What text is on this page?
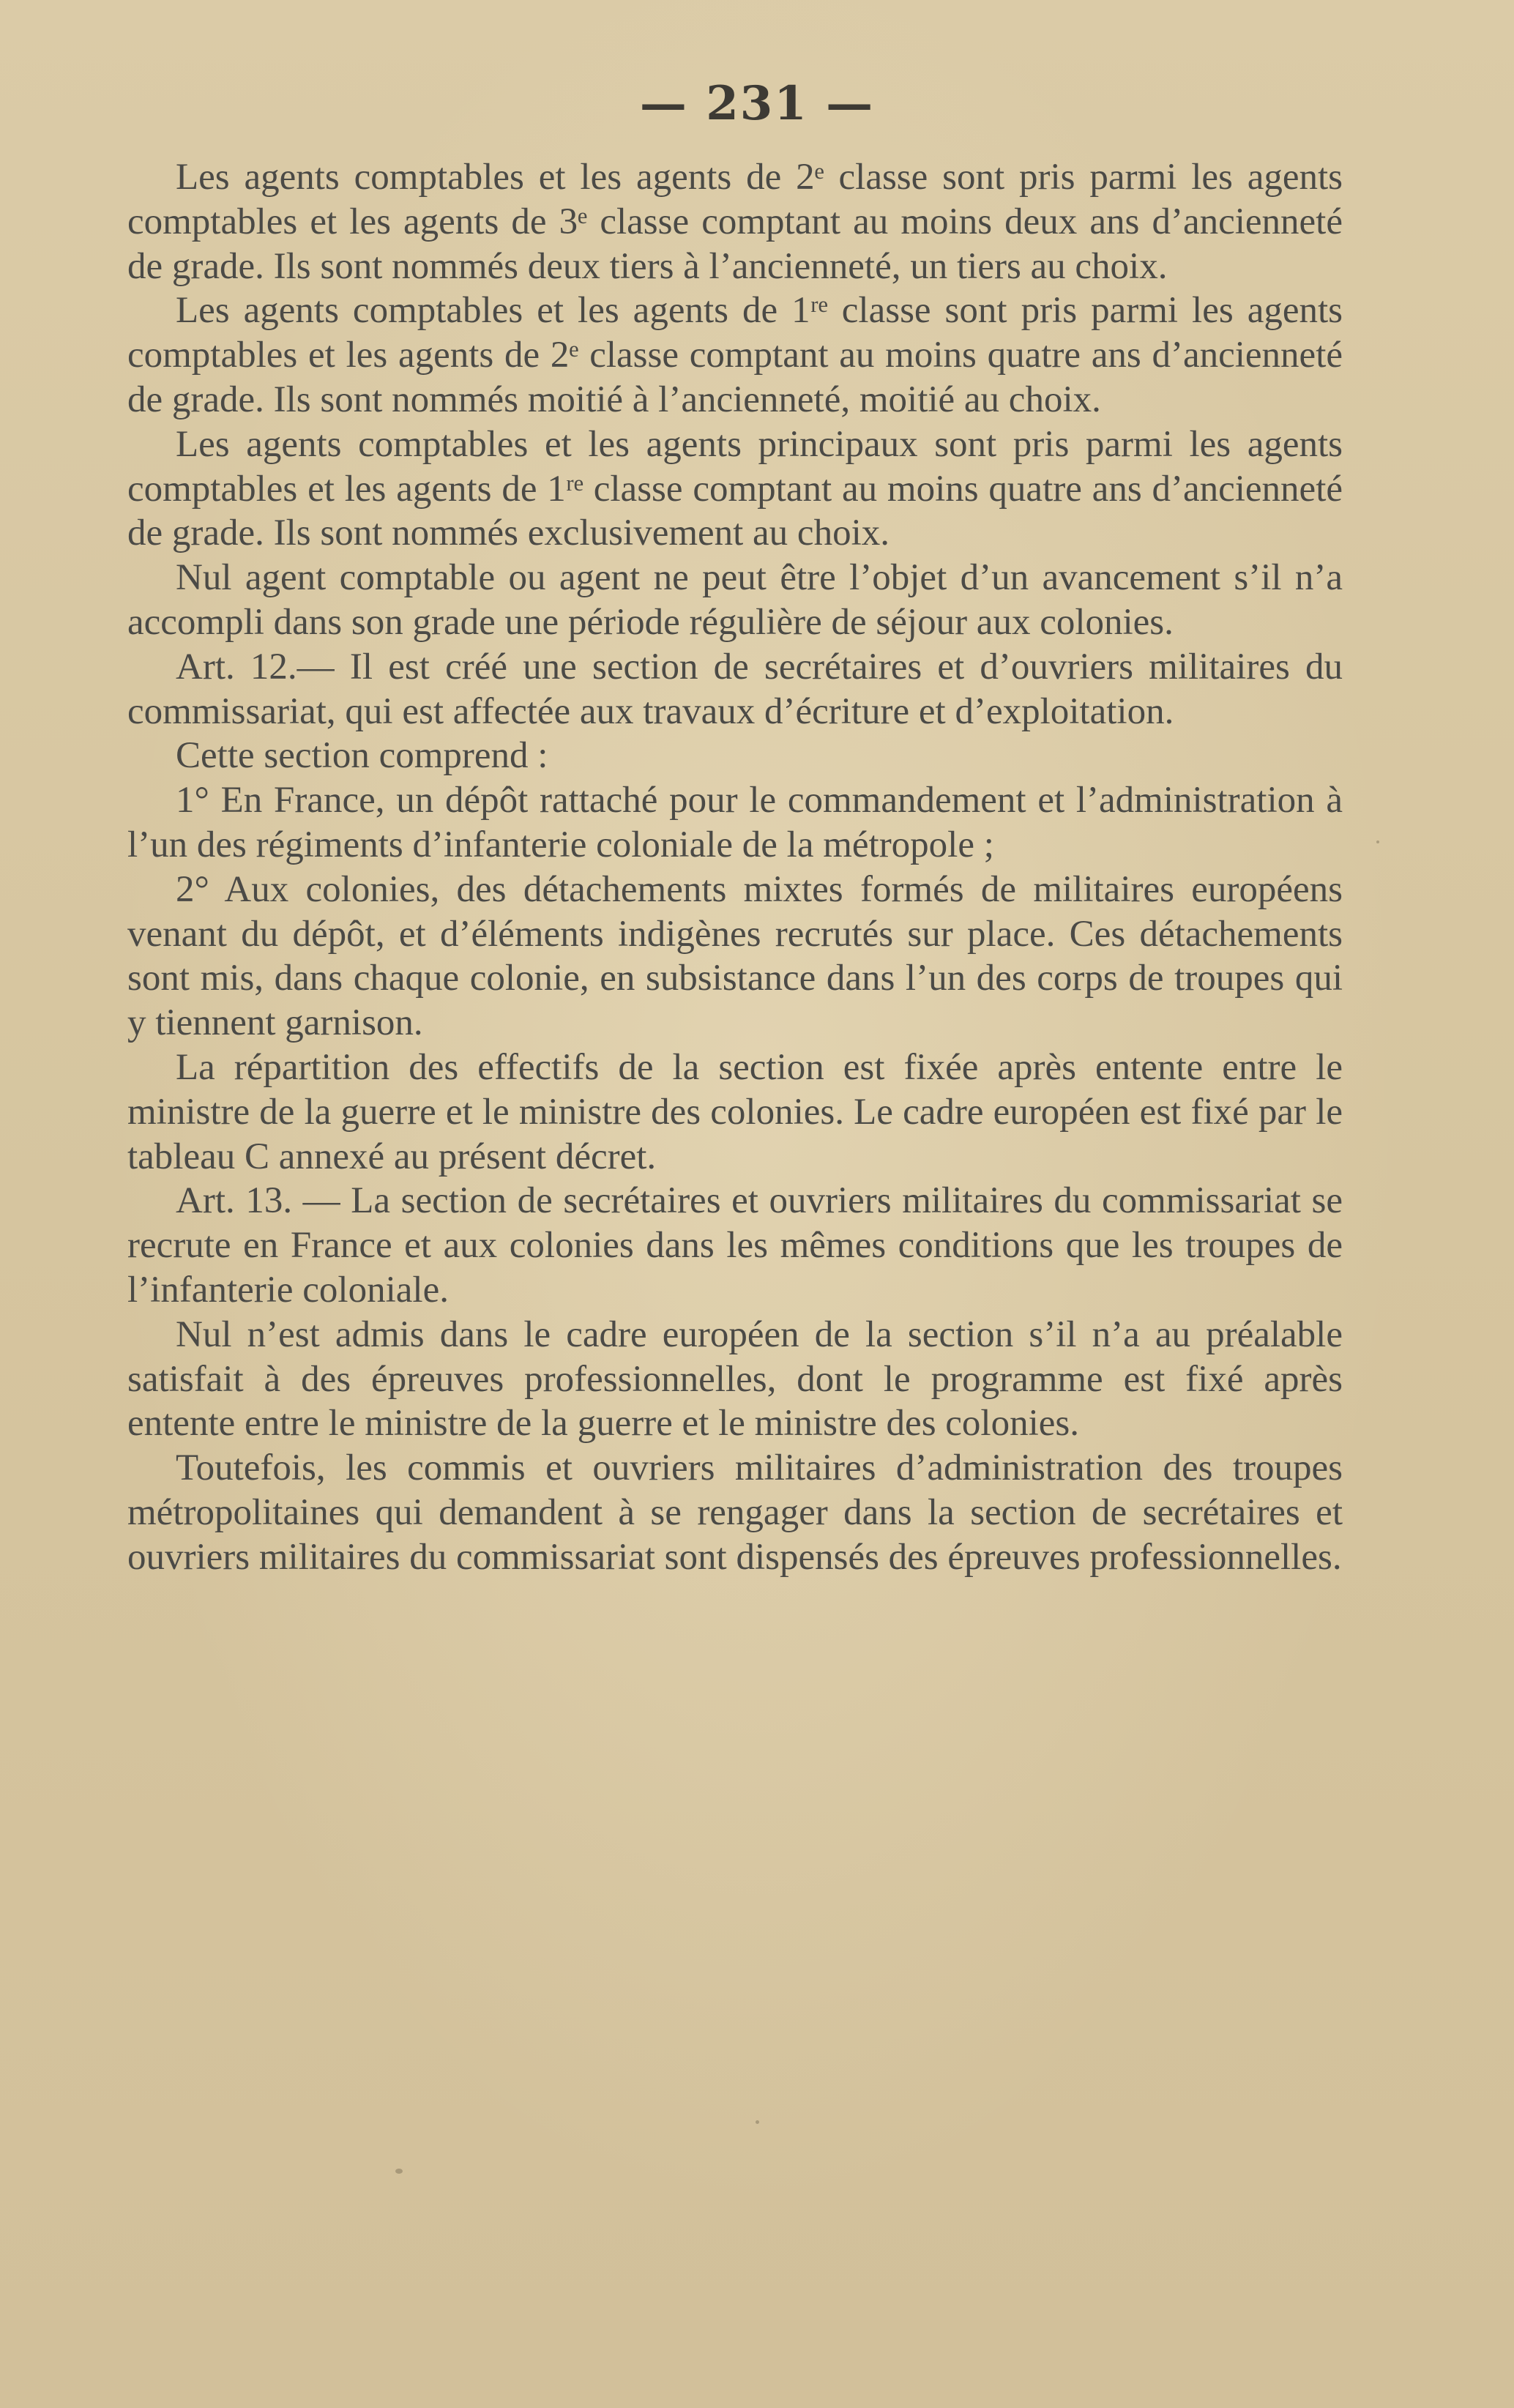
— 231 —

Les agents comptables et les agents de 2ᵉ classe sont pris parmi les agents comptables et les agents de 3ᵉ classe comptant au moins deux ans d’ancienneté de grade. Ils sont nommés deux tiers à l’ancienneté, un tiers au choix.

Les agents comptables et les agents de 1ʳᵉ classe sont pris parmi les agents comptables et les agents de 2ᵉ classe comptant au moins quatre ans d’ancienneté de grade. Ils sont nommés moitié à l’ancienneté, moitié au choix.

Les agents comptables et les agents principaux sont pris parmi les agents comptables et les agents de 1ʳᵉ classe comptant au moins quatre ans d’ancienneté de grade. Ils sont nommés exclusivement au choix.

Nul agent comptable ou agent ne peut être l’objet d’un avancement s’il n’a accompli dans son grade une période régulière de séjour aux colonies.

Art. 12.— Il est créé une section de secrétaires et d’ouvriers militaires du commissariat, qui est affectée aux travaux d’écriture et d’exploitation.

Cette section comprend :

1° En France, un dépôt rattaché pour le commandement et l’administration à l’un des régiments d’infanterie coloniale de la métropole ;

2° Aux colonies, des détachements mixtes formés de militaires européens venant du dépôt, et d’éléments indigènes recrutés sur place. Ces détachements sont mis, dans chaque colonie, en subsistance dans l’un des corps de troupes qui y tiennent garnison.

La répartition des effectifs de la section est fixée après entente entre le ministre de la guerre et le ministre des colonies. Le cadre européen est fixé par le tableau C annexé au présent décret.

Art. 13. — La section de secrétaires et ouvriers militaires du commissariat se recrute en France et aux colonies dans les mêmes conditions que les troupes de l’infanterie coloniale.

Nul n’est admis dans le cadre européen de la section s’il n’a au préalable satisfait à des épreuves professionnelles, dont le programme est fixé après entente entre le ministre de la guerre et le ministre des colonies.

Toutefois, les commis et ouvriers militaires d’administration des troupes métropolitaines qui demandent à se rengager dans la section de secrétaires et ouvriers militaires du commissariat sont dispensés des épreuves professionnelles.
